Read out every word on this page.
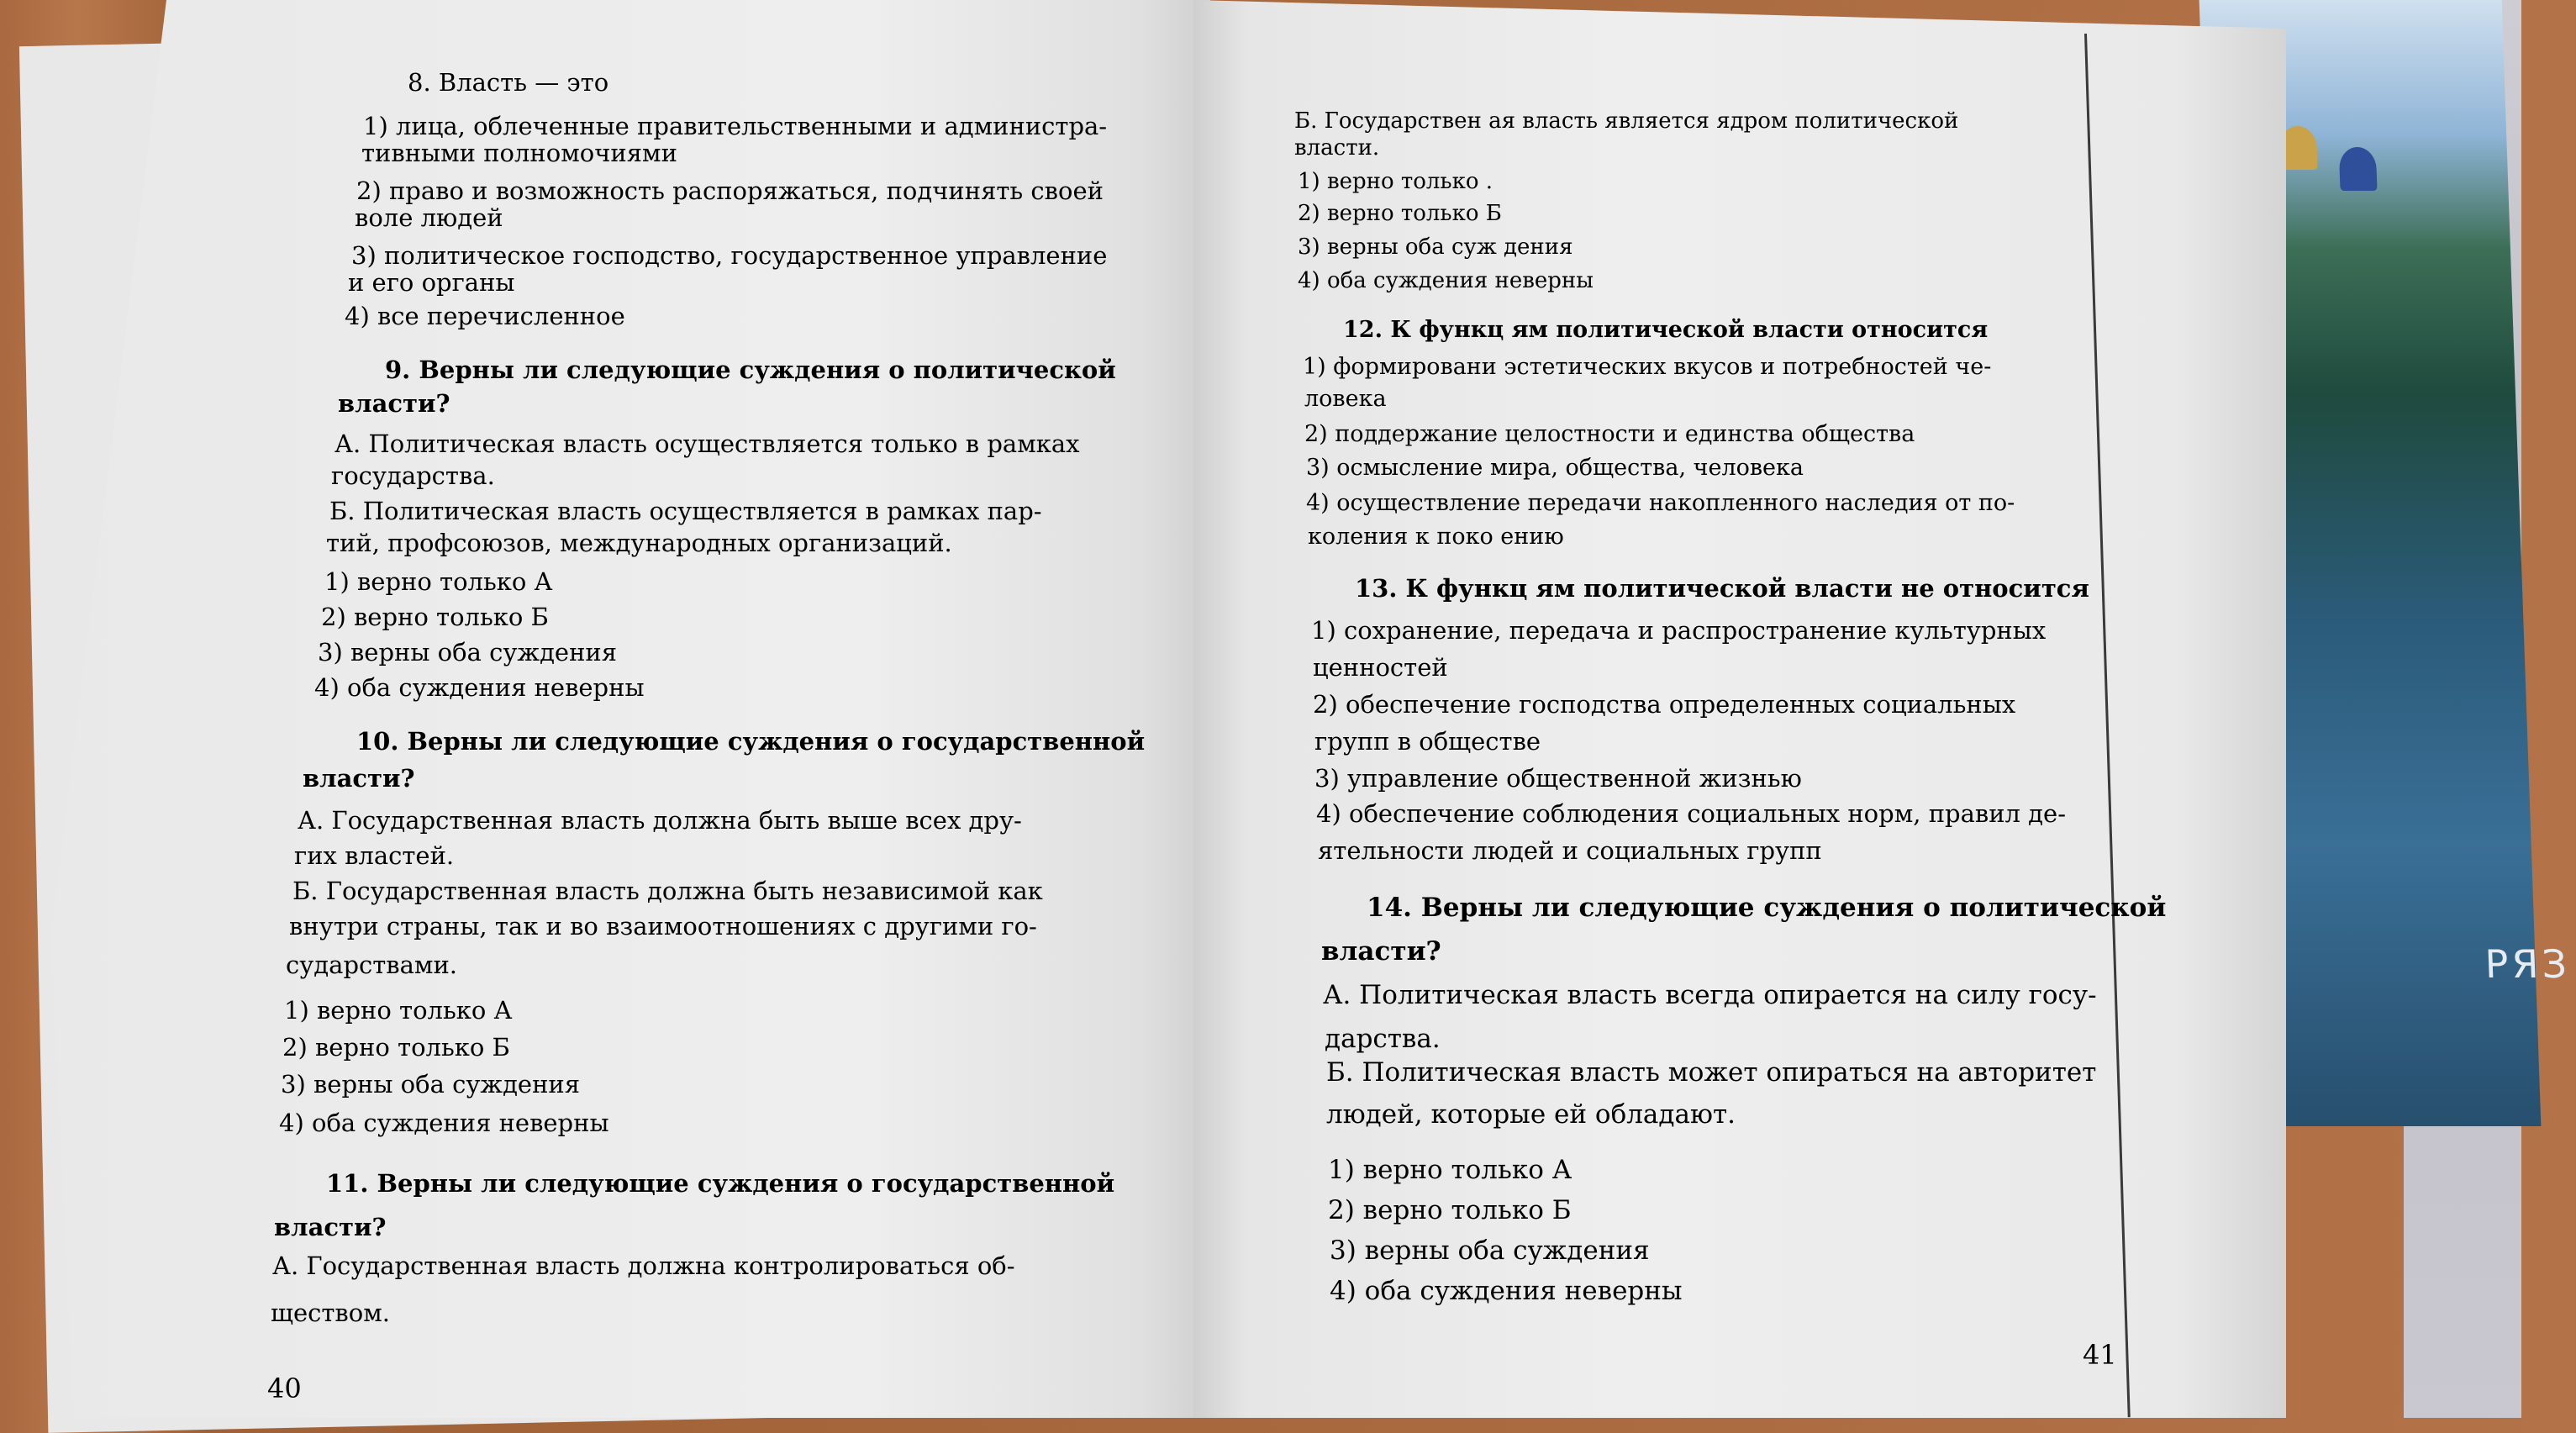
РЯЗ

8. Власть — это

1) лица, облеченные правительственными и администра-

тивными полномочиями

2) право и возможность распоряжаться, подчинять своей

воле людей

3) политическое господство, государственное управление

и его органы

4) все перечисленное

9. Верны ли следующие суждения о политической

власти?

А. Политическая власть осуществляется только в рамках

государства.

Б. Политическая власть осуществляется в рамках пар-

тий, профсоюзов, международных организаций.

1) верно только А

2) верно только Б

3) верны оба суждения

4) оба суждения неверны

10. Верны ли следующие суждения о государственной

власти?

А. Государственная власть должна быть выше всех дру-

гих властей.

Б. Государственная власть должна быть независимой как

внутри страны, так и во взаимоотношениях с другими го-

сударствами.

1) верно только А

2) верно только Б

3) верны оба суждения

4) оба суждения неверны

11. Верны ли следующие суждения о государственной

власти?

А. Государственная власть должна контролироваться об-

ществом.

40

Б. Государствен ая власть является ядром политической

власти.

1) верно только .

2) верно только Б

3) верны оба суж дения

4) оба суждения неверны

12. К функц ям политической власти относится

1) формировани эстетических вкусов и потребностей че-

ловека

2) поддержание целостности и единства общества

3) осмысление мира, общества, человека

4) осуществление передачи накопленного наследия от по-

коления к поко ению

13. К функц ям политической власти не относится

1) сохранение, передача и распространение культурных

ценностей

2) обеспечение господства определенных социальных

групп в обществе

3) управление общественной жизнью

4) обеспечение соблюдения социальных норм, правил де-

ятельности людей и социальных групп

14. Верны ли следующие суждения о политической

власти?

А. Политическая власть всегда опирается на силу госу-

дарства.

Б. Политическая власть может опираться на авторитет

людей, которые ей обладают.

1) верно только А

2) верно только Б

3) верны оба суждения

4) оба суждения неверны

41
